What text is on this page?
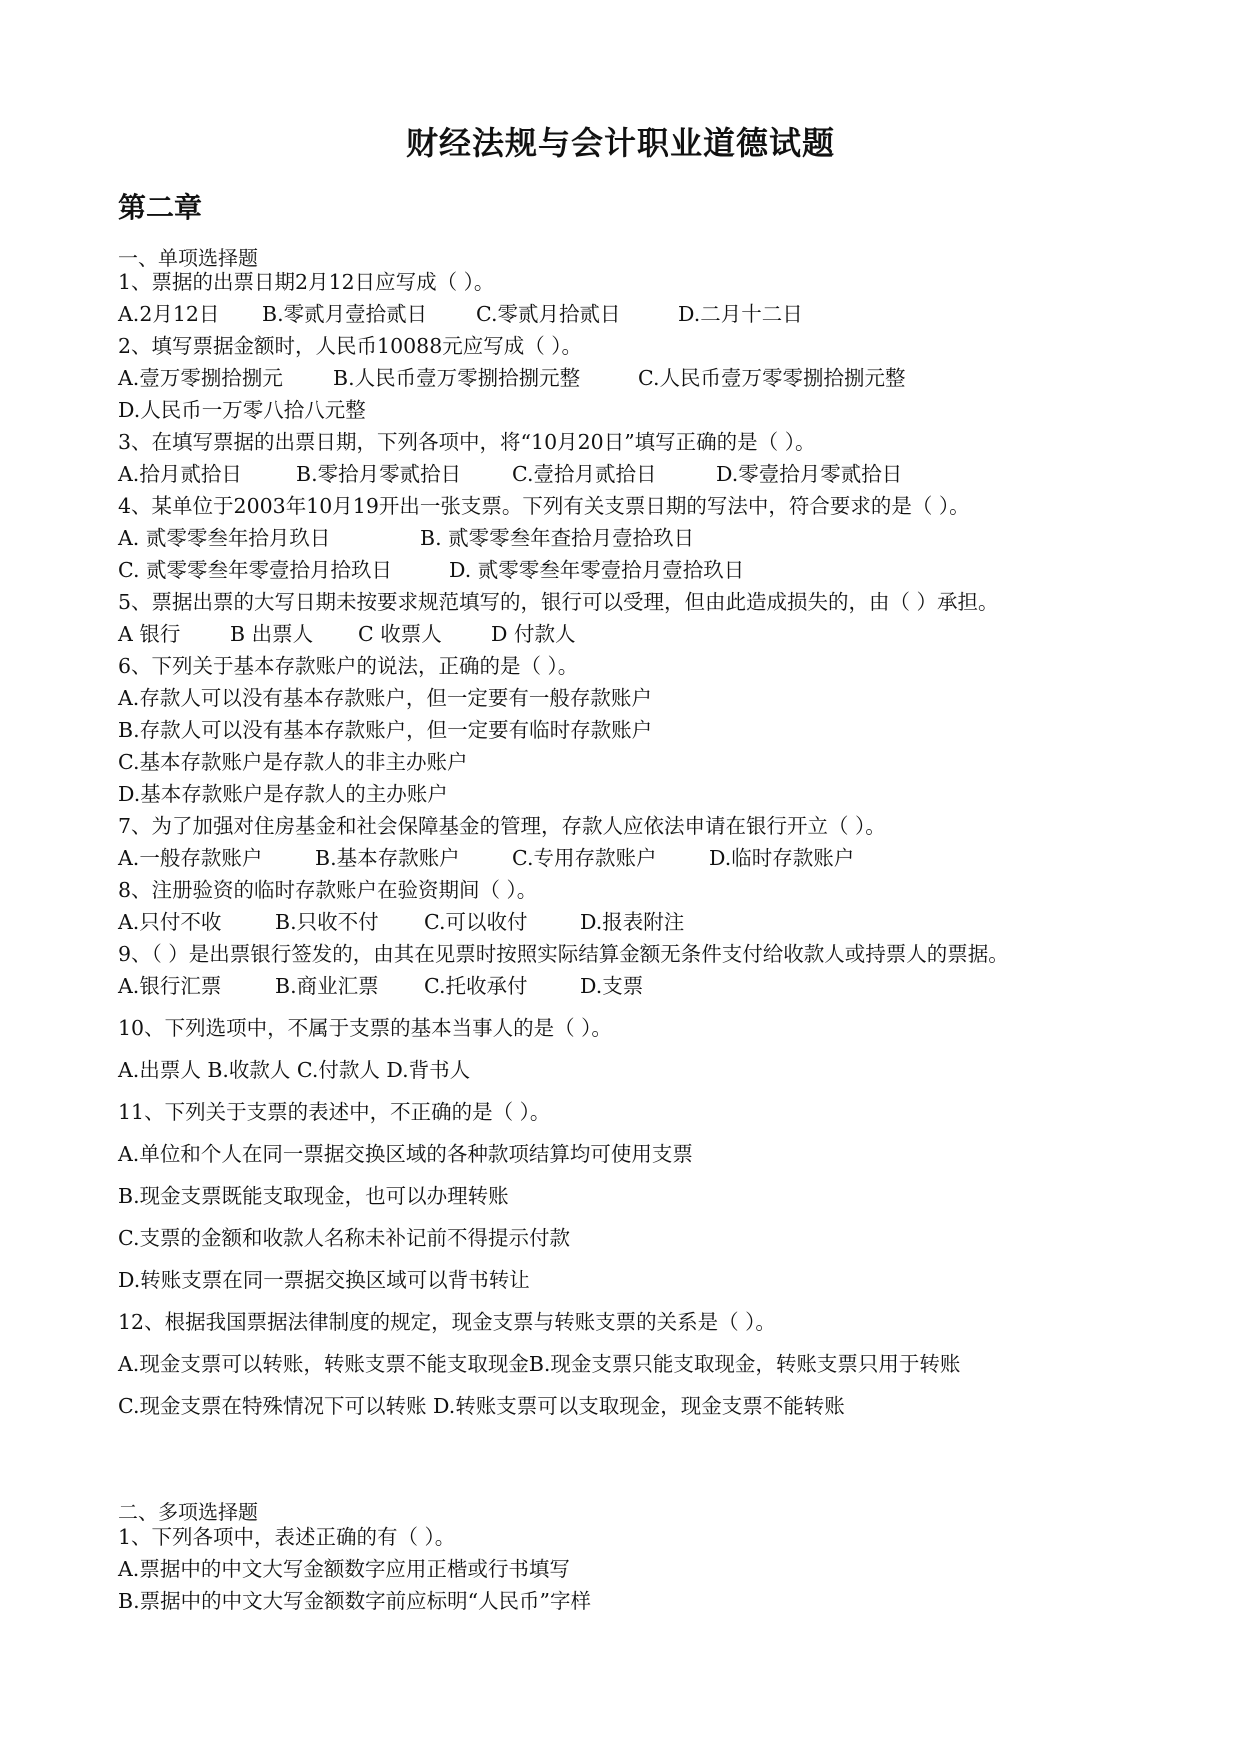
财经法规与会计职业道德试题
第二章
一、单项选择题
1、票据的出票日期2月12日应写成（ ）。
A.2月12日 B.零贰月壹拾贰日 C.零贰月拾贰日	D.二月十二日
2、填写票据金额时，人民币10088元应写成（ ）。
A.壹万零捌拾捌元 B.人民币壹万零捌拾捌元整	C.人民币壹万零零捌拾捌元整
D.人民币一万零八拾八元整
3、在填写票据的出票日期，下列各项中，将“10月20日”填写正确的是（ ）。
A.拾月贰拾日	B.零拾月零贰拾日 C.壹拾月贰拾日	D.零壹拾月零贰拾日
4、某单位于2003年10月19开出一张支票。下列有关支票日期的写法中，符合要求的是（ ）。
A. 贰零零叁年拾月玖日	B. 贰零零叁年查拾月壹拾玖日
C. 贰零零叁年零壹拾月拾玖日	D. 贰零零叁年零壹拾月壹拾玖日
5、票据出票的大写日期未按要求规范填写的，银行可以受理，但由此造成损失的，由（ ）承担。
A 银行 B 出票人 C 收票人 D 付款人
6、下列关于基本存款账户的说法，正确的是（ ）。
A.存款人可以没有基本存款账户，但一定要有一般存款账户
B.存款人可以没有基本存款账户，但一定要有临时存款账户
C.基本存款账户是存款人的非主办账户
D.基本存款账户是存款人的主办账户
7、为了加强对住房基金和社会保障基金的管理，存款人应依法申请在银行开立（ ）。
A.一般存款账户	B.基本存款账户	C.专用存款账户	D.临时存款账户
8、注册验资的临时存款账户在验资期间（ ）。
A.只付不收	B.只收不付 C.可以收付	D.报表附注
9、（ ）是出票银行签发的，由其在见票时按照实际结算金额无条件支付给收款人或持票人的票据。
A.银行汇票	B.商业汇票 C.托收承付	D.支票
10、下列选项中，不属于支票的基本当事人的是（ ）。
A.出票人 B.收款人 C.付款人 D.背书人
11、下列关于支票的表述中，不正确的是（ ）。
A.单位和个人在同一票据交换区域的各种款项结算均可使用支票
B.现金支票既能支取现金，也可以办理转账
C.支票的金额和收款人名称未补记前不得提示付款
D.转账支票在同一票据交换区域可以背书转让
12、根据我国票据法律制度的规定，现金支票与转账支票的关系是（ ）。
A.现金支票可以转账，转账支票不能支取现金B.现金支票只能支取现金，转账支票只用于转账
C.现金支票在特殊情况下可以转账 D.转账支票可以支取现金，现金支票不能转账
二、多项选择题
1、下列各项中，表述正确的有（ ）。
A.票据中的中文大写金额数字应用正楷或行书填写
B.票据中的中文大写金额数字前应标明“人民币”字样
